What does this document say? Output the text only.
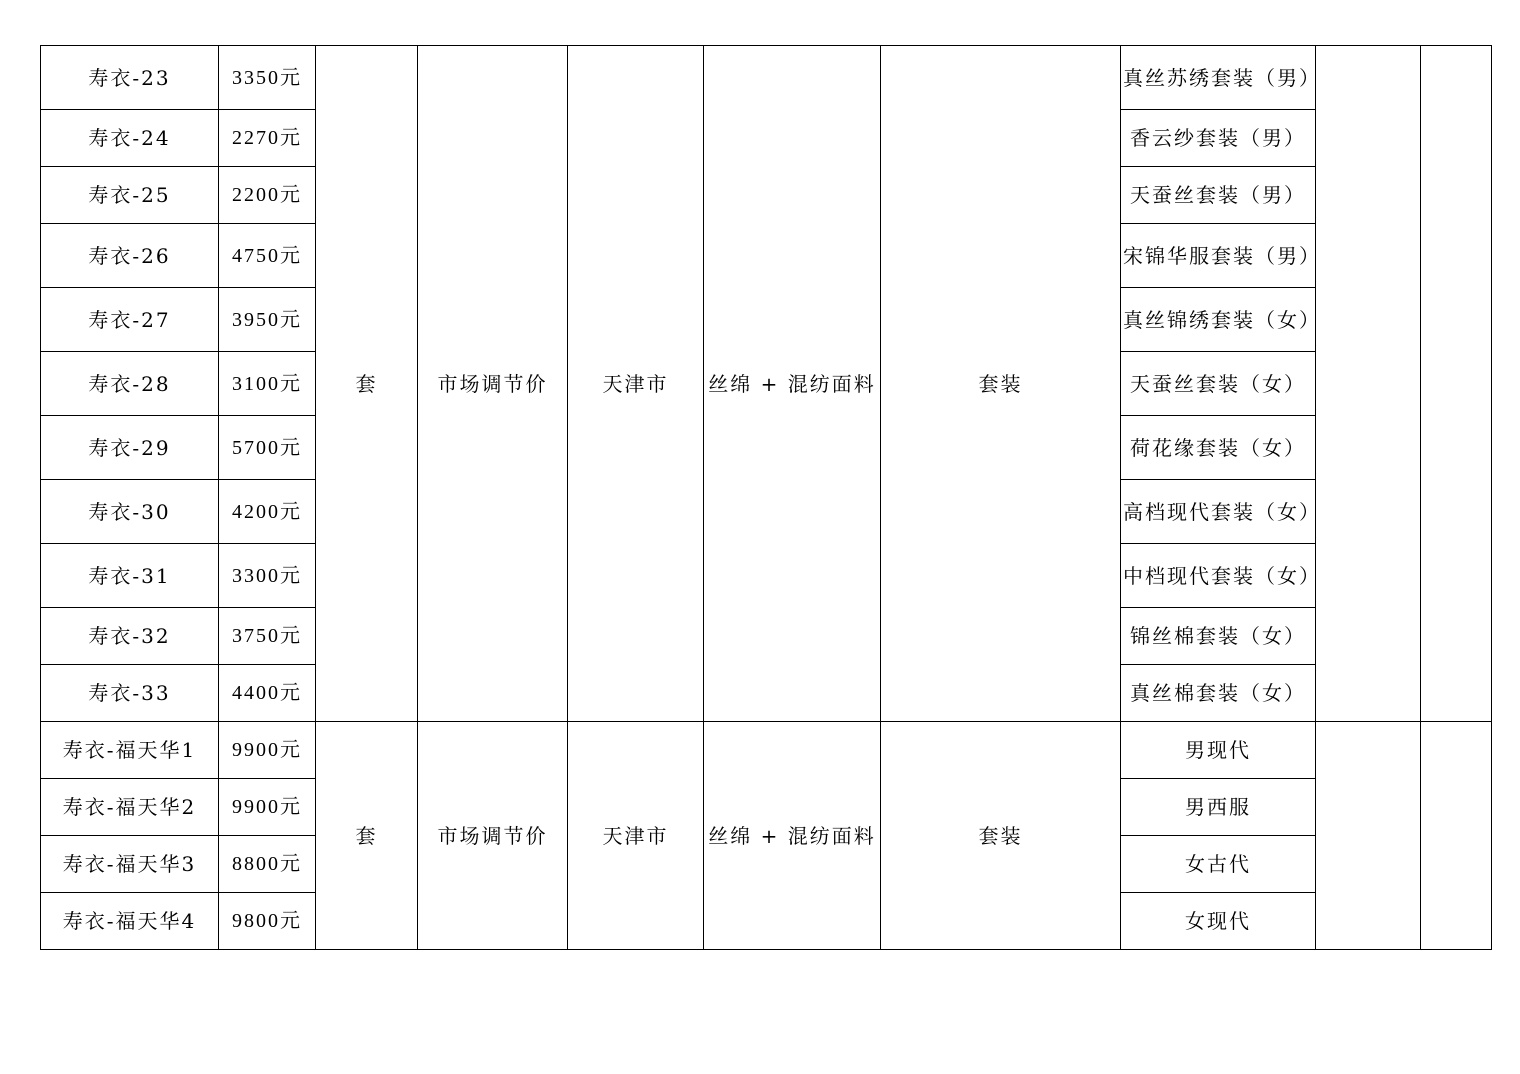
寿衣-23	3350元	套	市场调节价	天津市	丝绵 + 混纺面料	套装	真丝苏绣套装（男）		
寿衣-24	2270元						香云纱套装（男）		
寿衣-25	2200元						天蚕丝套装（男）		
寿衣-26	4750元						宋锦华服套装（男）		
寿衣-27	3950元						真丝锦绣套装（女）		
寿衣-28	3100元						天蚕丝套装（女）		
寿衣-29	5700元						荷花缘套装（女）		
寿衣-30	4200元						高档现代套装（女）		
寿衣-31	3300元						中档现代套装（女）		
寿衣-32	3750元						锦丝棉套装（女）		
寿衣-33	4400元						真丝棉套装（女）		
寿衣-福天华1	9900元	套	市场调节价	天津市	丝绵 + 混纺面料	套装	男现代		
寿衣-福天华2	9900元						男西服		
寿衣-福天华3	8800元						女古代		
寿衣-福天华4	9800元						女现代		
